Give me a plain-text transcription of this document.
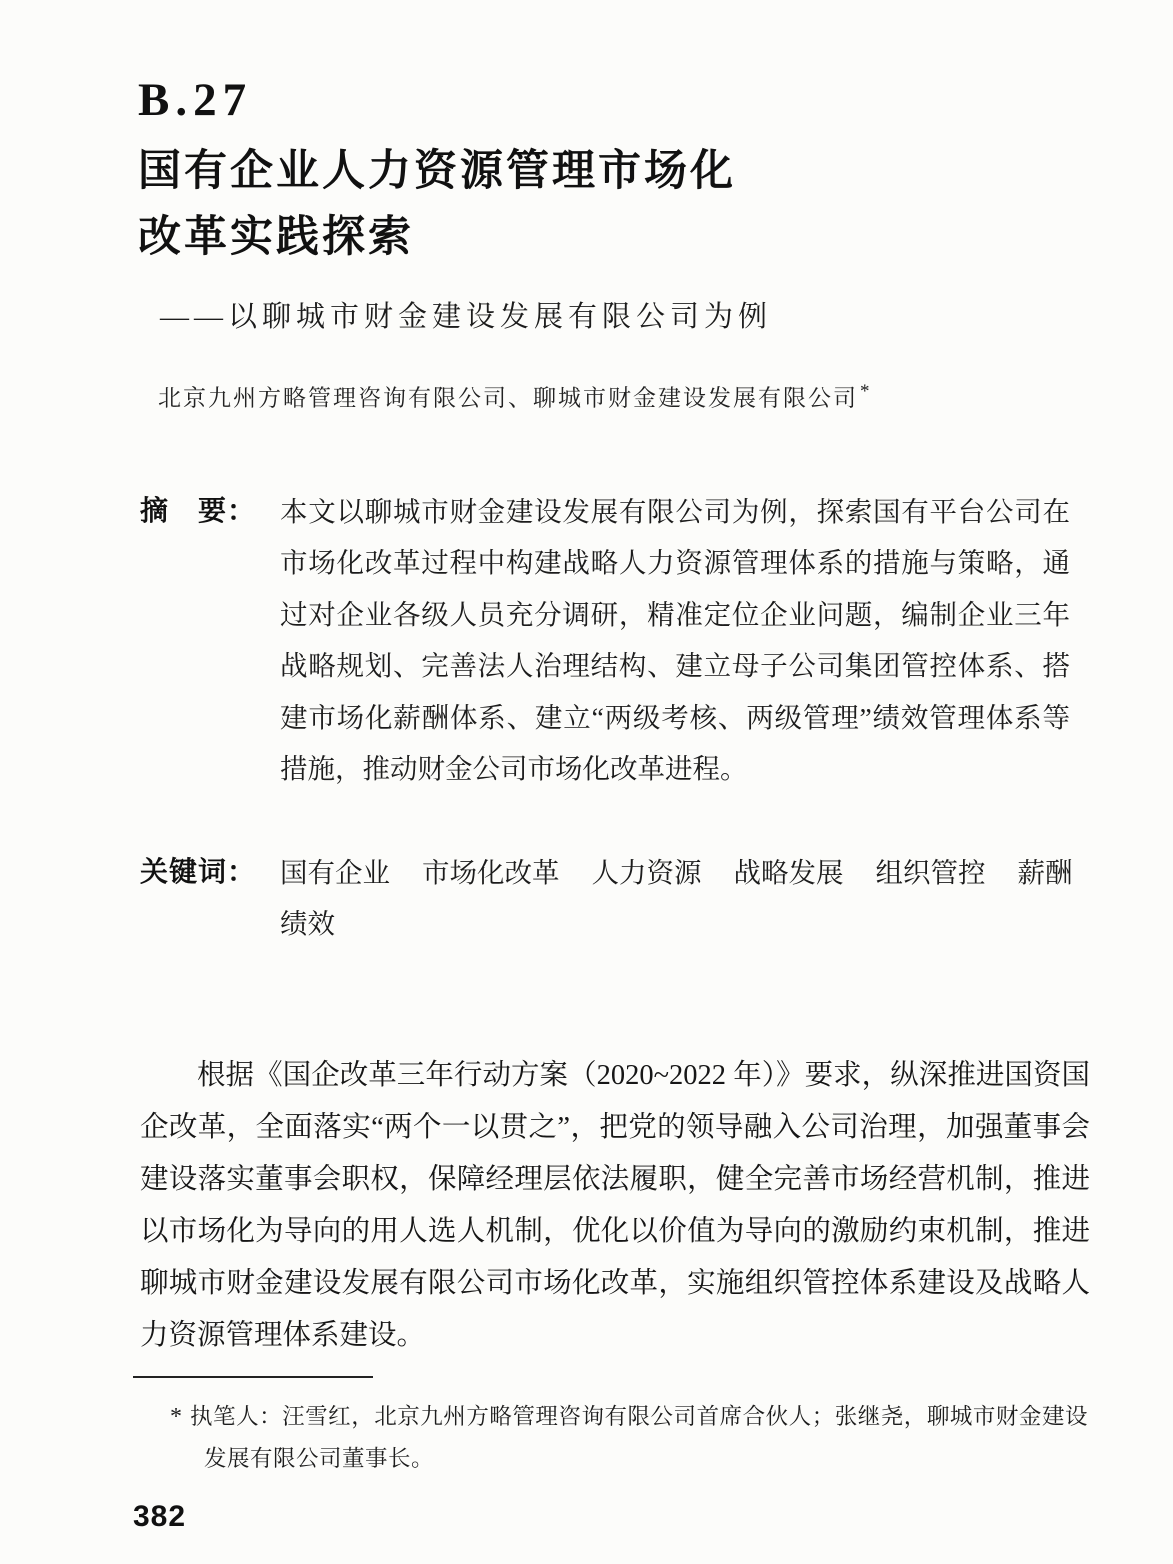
B.27
国有企业人力资源管理市场化
改革实践探索
——以聊城市财金建设发展有限公司为例
北京九州方略管理咨询有限公司、聊城市财金建设发展有限公司 *
摘　要： 本文以聊城市财金建设发展有限公司为例，探索国有平台公司在市场化改革过程中构建战略人力资源管理体系的措施与策略，通过对企业各级人员充分调研，精准定位企业问题，编制企业三年战略规划、完善法人治理结构、建立母子公司集团管控体系、搭建市场化薪酬体系、建立“两级考核、两级管理”绩效管理体系等措施，推动财金公司市场化改革进程。
关键词： 国有企业 市场化改革 人力资源 战略发展 组织管控 薪酬绩效

根据《国企改革三年行动方案（2020~2022 年）》要求，纵深推进国资国企改革，全面落实“两个一以贯之”，把党的领导融入公司治理，加强董事会建设落实董事会职权，保障经理层依法履职，健全完善市场经营机制，推进以市场化为导向的用人选人机制，优化以价值为导向的激励约束机制，推进聊城市财金建设发展有限公司市场化改革，实施组织管控体系建设及战略人力资源管理体系建设。

* 执笔人：汪雪红，北京九州方略管理咨询有限公司首席合伙人；张继尧，聊城市财金建设发展有限公司董事长。
382
